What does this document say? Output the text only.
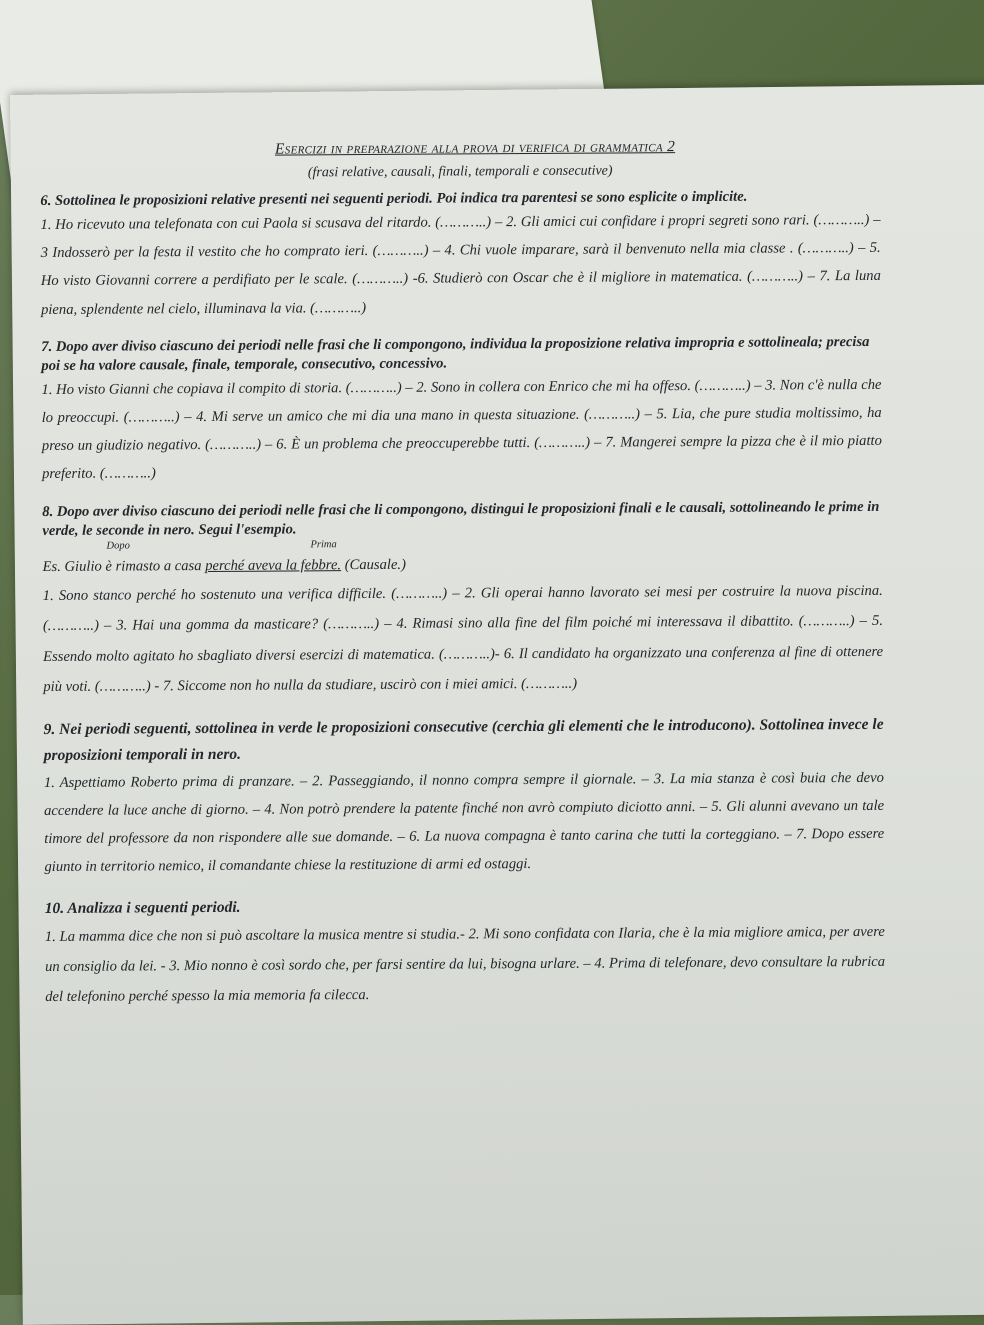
Esercizi in preparazione alla prova di verifica di grammatica 2
(frasi relative, causali, finali, temporali e consecutive)
6. Sottolinea le proposizioni relative presenti nei seguenti periodi. Poi indica tra parentesi se sono esplicite o implicite.

1. Ho ricevuto una telefonata con cui Paola si scusava del ritardo. (………..) – 2. Gli amici cui confidare i propri segreti sono rari. (………..) – 3 Indosserò per la festa il vestito che ho comprato ieri. (………..) – 4. Chi vuole imparare, sarà il benvenuto nella mia classe . (………..) – 5. Ho visto Giovanni correre a perdifiato per le scale. (………..) -6. Studierò con Oscar che è il migliore in matematica. (………..) – 7. La luna piena, splendente nel cielo, illuminava la via. (………..)

7. Dopo aver diviso ciascuno dei periodi nelle frasi che li compongono, individua la proposizione relativa impropria e sottolineala; precisa poi se ha valore causale, finale, temporale, consecutivo, concessivo.

1. Ho visto Gianni che copiava il compito di storia. (………..) – 2. Sono in collera con Enrico che mi ha offeso. (………..) – 3. Non c'è nulla che lo preoccupi. (………..) – 4. Mi serve un amico che mi dia una mano in questa situazione. (………..) – 5. Lia, che pure studia moltissimo, ha preso un giudizio negativo. (………..) – 6. È un problema che preoccuperebbe tutti. (………..) – 7. Mangerei sempre la pizza che è il mio piatto preferito. (………..)

8. Dopo aver diviso ciascuno dei periodi nelle frasi che li compongono, distingui le proposizioni finali e le causali, sottolineando le prime in verde, le seconde in nero. Segui l'esempio.
Dopo	Prima
Es. Giulio è rimasto a casa perché aveva la febbre. (Causale.)

1. Sono stanco perché ho sostenuto una verifica difficile. (………..) – 2. Gli operai hanno lavorato sei mesi per costruire la nuova piscina. (………..) – 3. Hai una gomma da masticare? (………..) – 4. Rimasi sino alla fine del film poiché mi interessava il dibattito. (………..) – 5. Essendo molto agitato ho sbagliato diversi esercizi di matematica. (………..)- 6. Il candidato ha organizzato una conferenza al fine di ottenere più voti. (………..) - 7. Siccome non ho nulla da studiare, uscirò con i miei amici. (………..)

9. Nei periodi seguenti, sottolinea in verde le proposizioni consecutive (cerchia gli elementi che le introducono). Sottolinea invece le proposizioni temporali in nero.

1. Aspettiamo Roberto prima di pranzare. – 2. Passeggiando, il nonno compra sempre il giornale. – 3. La mia stanza è così buia che devo accendere la luce anche di giorno. – 4. Non potrò prendere la patente finché non avrò compiuto diciotto anni. – 5. Gli alunni avevano un tale timore del professore da non rispondere alle sue domande. – 6. La nuova compagna è tanto carina che tutti la corteggiano. – 7. Dopo essere giunto in territorio nemico, il comandante chiese la restituzione di armi ed ostaggi.

10. Analizza i seguenti periodi.

1. La mamma dice che non si può ascoltare la musica mentre si studia.- 2. Mi sono confidata con Ilaria, che è la mia migliore amica, per avere un consiglio da lei. - 3. Mio nonno è così sordo che, per farsi sentire da lui, bisogna urlare. – 4. Prima di telefonare, devo consultare la rubrica del telefonino perché spesso la mia memoria fa cilecca.
